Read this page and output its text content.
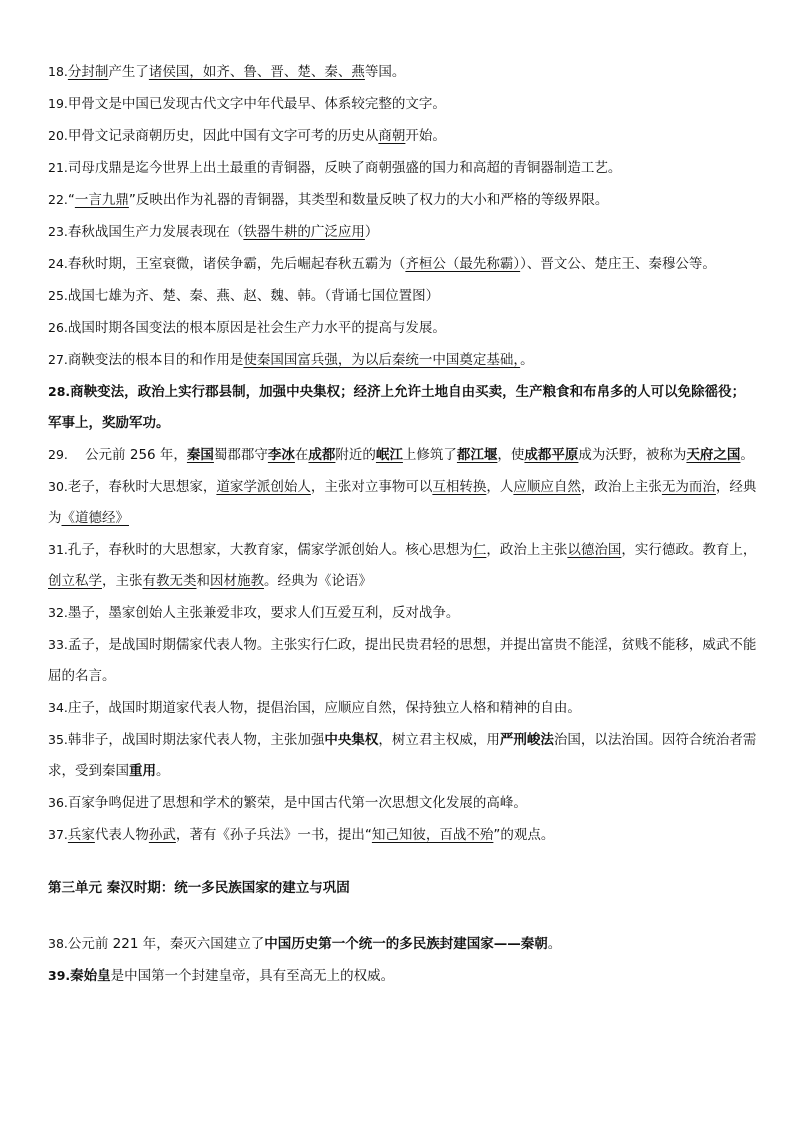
18.分封制产生了诸侯国，如齐、鲁、晋、楚、秦、燕等国。

19.甲骨文是中国已发现古代文字中年代最早、体系较完整的文字。

20.甲骨文记录商朝历史，因此中国有文字可考的历史从商朝开始。

21.司母戊鼎是迄今世界上出土最重的青铜器，反映了商朝强盛的国力和高超的青铜器制造工艺。

22.“一言九鼎”反映出作为礼器的青铜器，其类型和数量反映了权力的大小和严格的等级界限。

23.春秋战国生产力发展表现在（铁器牛耕的广泛应用）

24.春秋时期，王室衰微，诸侯争霸，先后崛起春秋五霸为（齐桓公（最先称霸））、晋文公、楚庄王、秦穆公等。

25.战国七雄为齐、楚、秦、燕、赵、魏、韩。（背诵七国位置图）

26.战国时期各国变法的根本原因是社会生产力水平的提高与发展。

27.商鞅变法的根本目的和作用是使秦国国富兵强，为以后秦统一中国奠定基础，。

28.商鞅变法，政治上实行郡县制，加强中央集权；经济上允许土地自由买卖，生产粮食和布帛多的人可以免除徭役；军事上，奖励军功。

29. 公元前 256 年，秦国蜀郡郡守李冰在成都附近的岷江上修筑了都江堰，使成都平原成为沃野，被称为天府之国。

30.老子，春秋时大思想家，道家学派创始人，主张对立事物可以互相转换，人应顺应自然，政治上主张无为而治，经典为《道德经》

31.孔子，春秋时的大思想家，大教育家，儒家学派创始人。核心思想为仁，政治上主张以德治国，实行德政。教育上，创立私学，主张有教无类和因材施教。经典为《论语》

32.墨子，墨家创始人主张兼爱非攻，要求人们互爱互利，反对战争。

33.孟子，是战国时期儒家代表人物。主张实行仁政，提出民贵君轻的思想，并提出富贵不能淫，贫贱不能移，威武不能屈的名言。

34.庄子，战国时期道家代表人物，提倡治国，应顺应自然，保持独立人格和精神的自由。

35.韩非子，战国时期法家代表人物，主张加强中央集权，树立君主权威，用严刑峻法治国，以法治国。因符合统治者需求，受到秦国重用。

36.百家争鸣促进了思想和学术的繁荣，是中国古代第一次思想文化发展的高峰。

37.兵家代表人物孙武，著有《孙子兵法》一书，提出“知己知彼，百战不殆”的观点。

第三单元 秦汉时期：统一多民族国家的建立与巩固

38.公元前 221 年，秦灭六国建立了中国历史第一个统一的多民族封建国家——秦朝。

39.秦始皇是中国第一个封建皇帝，具有至高无上的权威。
